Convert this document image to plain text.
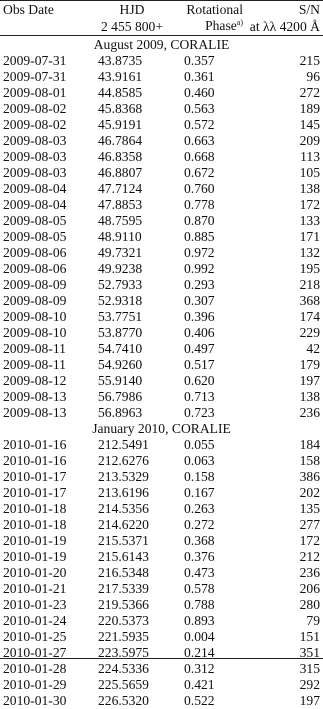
Obs Date	HJD	Rotational	S/N
	2 455 800+	Phase$^{a)}$	at λλ 4200 Å
August 2009, CORALIE			
2009-07-31	43.8735	0.357	215
2009-07-31	43.9161	0.361	96
2009-08-01	44.8585	0.460	272
2009-08-02	45.8368	0.563	189
2009-08-02	45.9191	0.572	145
2009-08-03	46.7864	0.663	209
2009-08-03	46.8358	0.668	113
2009-08-03	46.8807	0.672	105
2009-08-04	47.7124	0.760	138
2009-08-04	47.8853	0.778	172
2009-08-05	48.7595	0.870	133
2009-08-05	48.9110	0.885	171
2009-08-06	49.7321	0.972	132
2009-08-06	49.9238	0.992	195
2009-08-09	52.7933	0.293	218
2009-08-09	52.9318	0.307	368
2009-08-10	53.7751	0.396	174
2009-08-10	53.8770	0.406	229
2009-08-11	54.7410	0.497	42
2009-08-11	54.9260	0.517	179
2009-08-12	55.9140	0.620	197
2009-08-13	56.7986	0.713	138
2009-08-13	56.8963	0.723	236
January 2010, CORALIE			
2010-01-16	212.5491	0.055	184
2010-01-16	212.6276	0.063	158
2010-01-17	213.5329	0.158	386
2010-01-17	213.6196	0.167	202
2010-01-18	214.5356	0.263	135
2010-01-18	214.6220	0.272	277
2010-01-19	215.5371	0.368	172
2010-01-19	215.6143	0.376	212
2010-01-20	216.5348	0.473	236
2010-01-21	217.5339	0.578	206
2010-01-23	219.5366	0.788	280
2010-01-24	220.5373	0.893	79
2010-01-25	221.5935	0.004	151
2010-01-27	223.5975	0.214	351
2010-01-28	224.5336	0.312	315
2010-01-29	225.5659	0.421	292
2010-01-30	226.5320	0.522	197
